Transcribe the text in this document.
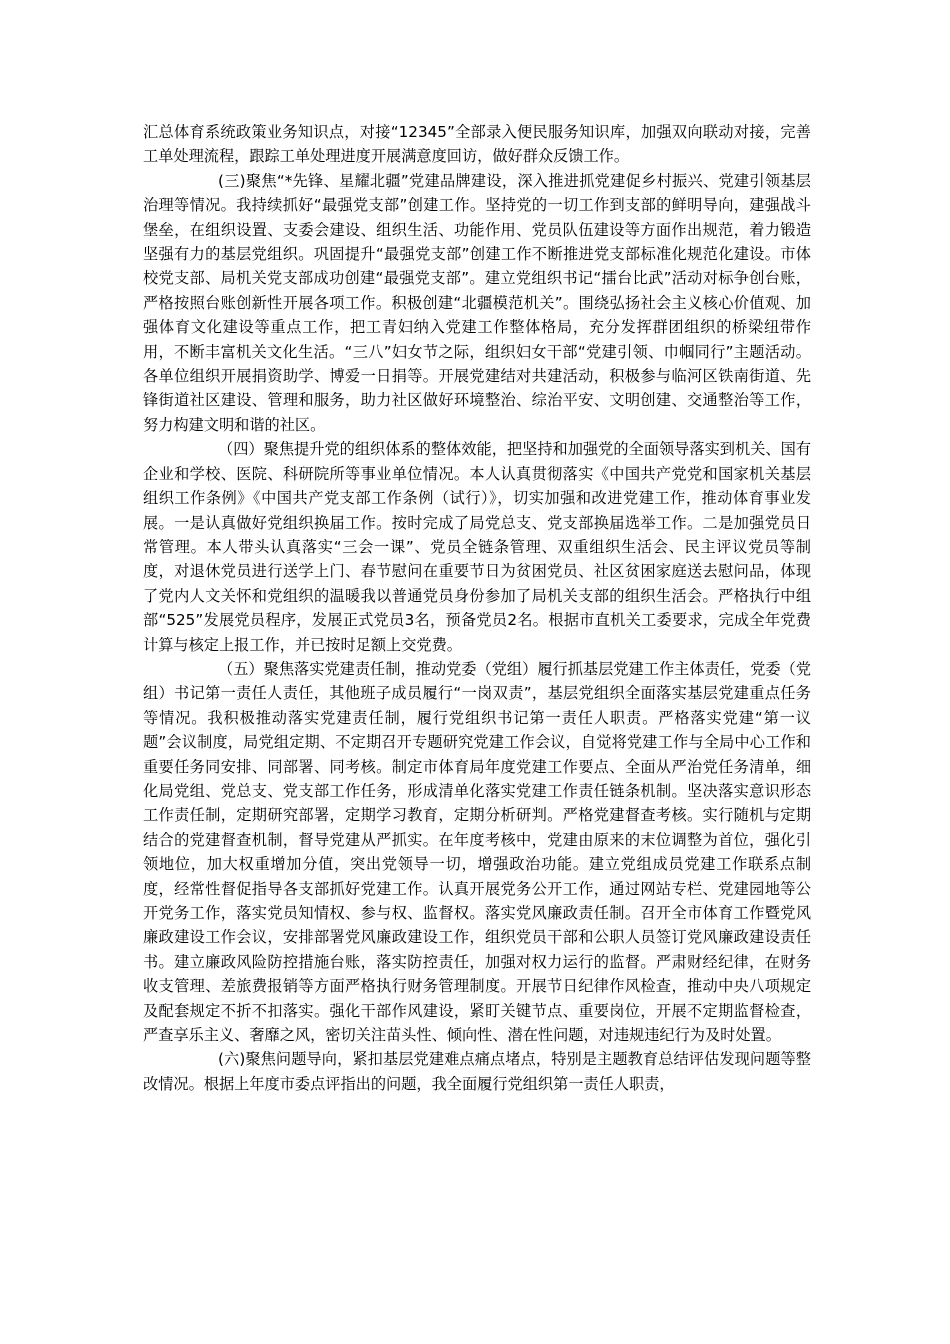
汇总体育系统政策业务知识点，对接“12345”全部录入便民服务知识库，加强双向联动对接，完善工单处理流程，跟踪工单处理进度开展满意度回访，做好群众反馈工作。

(三)聚焦“*先锋、星耀北疆”党建品牌建设，深入推进抓党建促乡村振兴、党建引领基层治理等情况。我持续抓好“最强党支部”创建工作。坚持党的一切工作到支部的鲜明导向，建强战斗堡垒，在组织设置、支委会建设、组织生活、功能作用、党员队伍建设等方面作出规范，着力锻造坚强有力的基层党组织。巩固提升“最强党支部”创建工作不断推进党支部标准化规范化建设。市体校党支部、局机关党支部成功创建“最强党支部”。建立党组织书记“擂台比武”活动对标争创台账，严格按照台账创新性开展各项工作。积极创建“北疆模范机关”。围绕弘扬社会主义核心价值观、加强体育文化建设等重点工作，把工青妇纳入党建工作整体格局，充分发挥群团组织的桥梁纽带作用，不断丰富机关文化生活。“三八”妇女节之际，组织妇女干部“党建引领、巾帼同行”主题活动。各单位组织开展捐资助学、博爱一日捐等。开展党建结对共建活动，积极参与临河区铁南街道、先锋街道社区建设、管理和服务，助力社区做好环境整治、综治平安、文明创建、交通整治等工作，努力构建文明和谐的社区。

（四）聚焦提升党的组织体系的整体效能，把坚持和加强党的全面领导落实到机关、国有企业和学校、医院、科研院所等事业单位情况。本人认真贯彻落实《中国共产党党和国家机关基层组织工作条例》《中国共产党支部工作条例（试行）》，切实加强和改进党建工作，推动体育事业发展。一是认真做好党组织换届工作。按时完成了局党总支、党支部换届选举工作。二是加强党员日常管理。本人带头认真落实“三会一课”、党员全链条管理、双重组织生活会、民主评议党员等制度，对退休党员进行送学上门、春节慰问在重要节日为贫困党员、社区贫困家庭送去慰问品，体现了党内人文关怀和党组织的温暖我以普通党员身份参加了局机关支部的组织生活会。严格执行中组部“525”发展党员程序，发展正式党员3名，预备党员2名。根据市直机关工委要求，完成全年党费计算与核定上报工作，并已按时足额上交党费。

（五）聚焦落实党建责任制，推动党委（党组）履行抓基层党建工作主体责任，党委（党组）书记第一责任人责任，其他班子成员履行“一岗双责”，基层党组织全面落实基层党建重点任务等情况。我积极推动落实党建责任制，履行党组织书记第一责任人职责。严格落实党建“第一议题”会议制度，局党组定期、不定期召开专题研究党建工作会议，自觉将党建工作与全局中心工作和重要任务同安排、同部署、同考核。制定市体育局年度党建工作要点、全面从严治党任务清单，细化局党组、党总支、党支部工作任务，形成清单化落实党建工作责任链条机制。坚决落实意识形态工作责任制，定期研究部署，定期学习教育，定期分析研判。严格党建督查考核。实行随机与定期结合的党建督查机制，督导党建从严抓实。在年度考核中，党建由原来的末位调整为首位，强化引领地位，加大权重增加分值，突出党领导一切，增强政治功能。建立党组成员党建工作联系点制度，经常性督促指导各支部抓好党建工作。认真开展党务公开工作，通过网站专栏、党建园地等公开党务工作，落实党员知情权、参与权、监督权。落实党风廉政责任制。召开全市体育工作暨党风廉政建设工作会议，安排部署党风廉政建设工作，组织党员干部和公职人员签订党风廉政建设责任书。建立廉政风险防控措施台账，落实防控责任，加强对权力运行的监督。严肃财经纪律，在财务收支管理、差旅费报销等方面严格执行财务管理制度。开展节日纪律作风检查，推动中央八项规定及配套规定不折不扣落实。强化干部作风建设，紧盯关键节点、重要岗位，开展不定期监督检查，严查享乐主义、奢靡之风，密切关注苗头性、倾向性、潜在性问题，对违规违纪行为及时处置。

(六)聚焦问题导向，紧扣基层党建难点痛点堵点，特别是主题教育总结评估发现问题等整改情况。根据上年度市委点评指出的问题，我全面履行党组织第一责任人职责，
